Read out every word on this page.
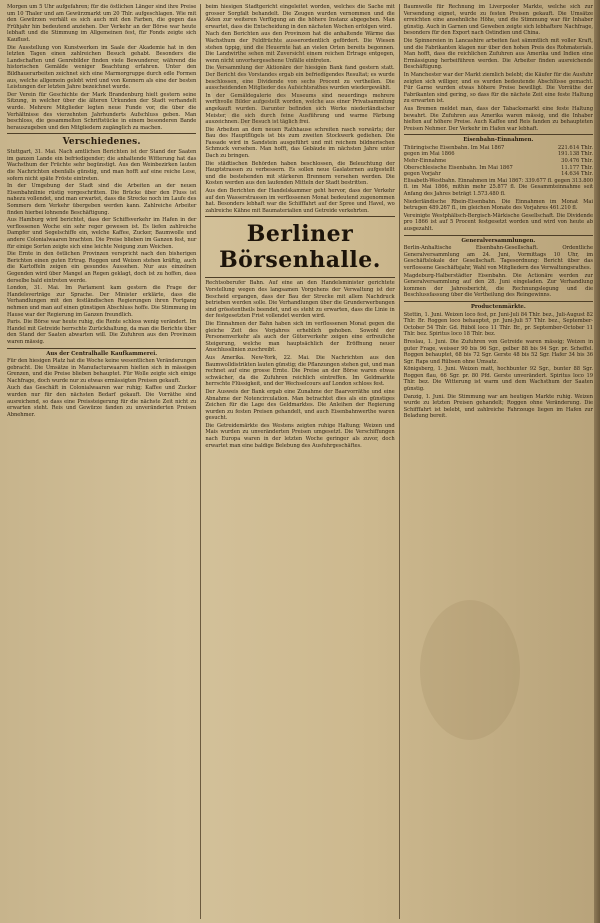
Morgen um 5 Uhr aufgefahren; für die östlichen Länger sind ihre Preise um 10 Thaler und am Gewürzmarkt um 20 Thlr. aufgeschlagen. Wie mit den Gewürzen verhält es sich auch mit den Farben, die gegen das Frühjahr hin bedeutend anziehen. Der Verkehr an der Börse war heute lebhaft und die Stimmung im Allgemeinen fest, für Fonds zeigte sich Kauflust.

Die Ausstellung von Kunstwerken im Saale der Akademie hat in den letzten Tagen einen zahlreichen Besuch gehabt. Besonders die Landschaften und Genrebilder finden viele Bewunderer, während die historischen Gemälde weniger Beachtung erfahren. Unter den Bildhauerarbeiten zeichnet sich eine Marmorgruppe durch edle Formen aus, welche allgemein gelobt wird und von Kennern als eine der besten Leistungen der letzten Jahre bezeichnet wurde.

Der Verein für Geschichte der Mark Brandenburg hielt gestern seine Sitzung, in welcher über die älteren Urkunden der Stadt verhandelt wurde. Mehrere Mitglieder legten neue Funde vor, die über die Verhältnisse des vierzehnten Jahrhunderts Aufschluss geben. Man beschloss, die gesammelten Schriftstücke in einem besonderen Bande herauszugeben und den Mitgliedern zugänglich zu machen.

Verschiedenes.

Stuttgart, 31. Mai. Nach amtlichen Berichten ist der Stand der Saaten im ganzen Lande ein befriedigender; die anhaltende Witterung hat das Wachsthum der Früchte sehr begünstigt. Aus den Weinbezirken lauten die Nachrichten ebenfalls günstig, und man hofft auf eine reiche Lese, sofern nicht späte Fröste eintreten.

In der Umgebung der Stadt sind die Arbeiten an der neuen Eisenbahnlinie rüstig vorgeschritten. Die Brücke über den Fluss ist nahezu vollendet, und man erwartet, dass die Strecke noch im Laufe des Sommers dem Verkehr übergeben werden kann. Zahlreiche Arbeiter finden hierbei lohnende Beschäftigung.

Aus Hamburg wird berichtet, dass der Schiffsverkehr im Hafen in der verflossenen Woche ein sehr reger gewesen ist. Es liefen zahlreiche Dampfer und Segelschiffe ein, welche Kaffee, Zucker, Baumwolle und andere Colonialwaaren brachten. Die Preise blieben im Ganzen fest, nur für einige Sorten zeigte sich eine leichte Neigung zum Weichen.

Die Ernte in den östlichen Provinzen verspricht nach den bisherigen Berichten einen guten Ertrag. Roggen und Weizen stehen kräftig, auch die Kartoffeln zeigen ein gesundes Aussehen. Nur aus einzelnen Gegenden wird über Mangel an Regen geklagt, doch ist zu hoffen, dass derselbe bald eintreten werde.

London, 31. Mai. Im Parlament kam gestern die Frage der Handelsverträge zur Sprache. Der Minister erklärte, dass die Verhandlungen mit den festländischen Regierungen ihren Fortgang nehmen und man auf einen günstigen Abschluss hoffe. Die Stimmung im Hause war der Regierung im Ganzen freundlich.

Paris. Die Börse war heute ruhig, die Rente schloss wenig verändert. Im Handel mit Getreide herrschte Zurückhaltung, da man die Berichte über den Stand der Saaten abwarten will. Die Zufuhren aus den Provinzen waren mässig.

Aus der Centralhalle Kaufkammerei.

Für den hiesigen Platz hat die Woche keine wesentlichen Veränderungen gebracht. Die Umsätze in Manufacturwaaren hielten sich in mässigen Grenzen, und die Preise blieben behauptet. Für Wolle zeigte sich einige Nachfrage, doch wurde nur zu etwas ermässigten Preisen gekauft.

Auch das Geschäft in Colonialwaaren war ruhig; Kaffee und Zucker wurden nur für den nächsten Bedarf gekauft. Die Vorräthe sind ausreichend, so dass eine Preissteigerung für die nächste Zeit nicht zu erwarten steht. Reis und Gewürze fanden zu unveränderten Preisen Abnehmer.

beim hiesigen Stadtgericht eingeleitet worden, welches die Sache mit grosser Sorgfalt behandelt. Die Zeugen wurden vernommen und die Akten zur weiteren Verfügung an die höhere Instanz abgegeben. Man erwartet, dass die Entscheidung in den nächsten Wochen erfolgen wird.

Nach den Berichten aus den Provinzen hat die anhaltende Wärme das Wachsthum der Feldfrüchte ausserordentlich gefördert. Die Wiesen stehen üppig, und die Heuernte hat an vielen Orten bereits begonnen. Die Landwirthe sehen mit Zuversicht einem reichen Ertrage entgegen, wenn nicht unvorhergesehene Unfälle eintreten.

Die Versammlung der Aktionäre der hiesigen Bank fand gestern statt. Der Bericht des Vorstandes ergab ein befriedigendes Resultat; es wurde beschlossen, eine Dividende von sechs Procent zu vertheilen. Die ausscheidenden Mitglieder des Aufsichtsrathes wurden wiedergewählt.

In der Gemäldegalerie des Museums sind neuerdings mehrere werthvolle Bilder aufgestellt worden, welche aus einer Privatsammlung angekauft wurden. Darunter befinden sich Werke niederländischer Meister, die sich durch feine Ausführung und warme Färbung auszeichnen. Der Besuch ist täglich frei.

Die Arbeiten an dem neuen Rathhause schreiten rasch vorwärts; der Bau des Hauptflügels ist bis zum zweiten Stockwerk gediehen. Die Fassade wird in Sandstein ausgeführt und mit reichem bildnerischen Schmuck versehen. Man hofft, das Gebäude im nächsten Jahre unter Dach zu bringen.

Die städtischen Behörden haben beschlossen, die Beleuchtung der Hauptstrassen zu verbessern. Es sollen neue Gaslaternen aufgestellt und die bestehenden mit stärkeren Brennern versehen werden. Die Kosten werden aus den laufenden Mitteln der Stadt bestritten.

Aus den Berichten der Handelskammer geht hervor, dass der Verkehr auf den Wasserstrassen im verflossenen Monat bedeutend zugenommen hat. Besonders lebhaft war die Schifffahrt auf der Spree und Havel, wo zahlreiche Kähne mit Baumaterialien und Getreide verkehrten.

Berliner Börsenhalle.

Rechtsoberufer Bahn. Auf eine an den Handelsminister gerichtete Vorstellung wegen des langsamen Vorgehens der Verwaltung ist der Bescheid ergangen, dass der Bau der Strecke mit allem Nachdruck betrieben werden solle. Die Verhandlungen über die Grunderwerbungen sind grösstentheils beendet, und es steht zu erwarten, dass die Linie in der festgesetzten Frist vollendet werden wird.

Die Einnahmen der Bahn haben sich im verflossenen Monat gegen die gleiche Zeit des Vorjahres erheblich gehoben. Sowohl der Personenverkehr als auch der Güterverkehr zeigen eine erfreuliche Steigerung, welche man hauptsächlich der Eröffnung neuer Anschlusslinien zuschreibt.

Aus Amerika. New-York, 22. Mai. Die Nachrichten aus den Baumwolldistrikten lauten günstig; die Pflanzungen stehen gut, und man rechnet auf eine grosse Ernte. Die Preise an der Börse waren etwas schwächer, da die Zufuhren reichlich eintreffen. Im Geldmarkte herrschte Flüssigkeit, und der Wechselcours auf London schloss fest.

Der Ausweis der Bank ergab eine Zunahme der Baarvorräthe und eine Abnahme der Notencirculation. Man betrachtet dies als ein günstiges Zeichen für die Lage des Geldmarktes. Die Anleihen der Regierung wurden zu festen Preisen gehandelt, und auch Eisenbahnwerthe waren gesucht.

Die Getreidemärkte des Westens zeigten ruhige Haltung; Weizen und Mais wurden zu unveränderten Preisen umgesetzt. Die Verschiffungen nach Europa waren in der letzten Woche geringer als zuvor, doch erwartet man eine baldige Belebung des Ausfuhrgeschäftes.

Baumwolle für Rechnung im Liverpooler Markte, welche sich zur Versendung eignet, wurde zu festen Preisen gekauft. Die Umsätze erreichten eine ansehnliche Höhe, und die Stimmung war für Inhaber günstig. Auch in Garnen und Geweben zeigte sich lebhaftere Nachfrage, besonders für den Export nach Ostindien und China.

Die Spinnereien in Lancashire arbeiten fast sämmtlich mit voller Kraft, und die Fabrikanten klagen nur über den hohen Preis des Rohmaterials. Man hofft, dass die reichlichen Zufuhren aus Amerika und Indien eine Ermässigung herbeiführen werden. Die Arbeiter finden ausreichende Beschäftigung.

In Manchester war der Markt ziemlich belebt; die Käufer für die Ausfuhr zeigten sich williger, und es wurden bedeutende Abschlüsse gemacht. Für Garne wurden etwas höhere Preise bewilligt. Die Vorräthe der Fabrikanten sind gering, so dass für die nächste Zeit eine feste Haltung zu erwarten ist.

Aus Bremen meldet man, dass der Tabacksmarkt eine feste Haltung bewahrt. Die Zufuhren aus Amerika waren mässig, und die Inhaber hielten auf höhere Preise. Auch Kaffee und Reis fanden zu behaupteten Preisen Nehmer. Der Verkehr im Hafen war lebhaft.

Eisenbahn-Einnahmen.
Thüringische Eisenbahn. Im Mai 1867	221.614 Thlr.
gegen im Mai 1866	191.138 Thlr.
Mehr-Einnahme	30.476 Thlr.
Oberschlesische Eisenbahn. Im Mai 1867	11.177 Thlr.
gegen Vorjahr	14.634 Thlr.

Elisabeth-Westbahn. Einnahmen im Mai 1867: 339.677 fl. gegen 313.800 fl. im Mai 1866, mithin mehr 25.877 fl. Die Gesammteinnahme seit Anfang des Jahres beträgt 1.573.480 fl.

Niederländische Rhein-Eisenbahn. Die Einnahmen im Monat Mai betrugen 489.267 fl., im gleichen Monate des Vorjahres 461.210 fl.

Vereinigte Westphälisch-Bergisch-Märkische Gesellschaft. Die Dividende pro 1866 ist auf 5 Procent festgesetzt worden und wird von heute ab ausgezahlt.

Generalversammlungen.

Berlin-Anhaltische Eisenbahn-Gesellschaft. Ordentliche Generalversammlung am 24. Juni, Vormittags 10 Uhr, im Geschäftslokale der Gesellschaft. Tagesordnung: Bericht über das verflossene Geschäftsjahr, Wahl von Mitgliedern des Verwaltungsrathes.

Magdeburg-Halberstädter Eisenbahn. Die Actionäre werden zur Generalversammlung auf den 28. Juni eingeladen. Zur Verhandlung kommen der Jahresbericht, die Rechnungslegung und die Beschlussfassung über die Vertheilung des Reingewinns.

Productenmärkte.

Stettin, 1. Juni. Weizen loco fest, pr. Juni-Juli 84 Thlr. bez., Juli-August 82 Thlr. Br. Roggen loco behauptet, pr. Juni-Juli 57 Thlr. bez., September-October 54 Thlr. Gd. Rüböl loco 11 Thlr. Br., pr. September-October 11 Thlr. bez. Spiritus loco 18 Thlr. bez.

Breslau, 1. Juni. Die Zufuhren von Getreide waren mässig; Weizen in guter Frage, weisser 90 bis 96 Sgr., gelber 88 bis 94 Sgr. pr. Scheffel. Roggen behauptet, 68 bis 72 Sgr. Gerste 48 bis 52 Sgr. Hafer 34 bis 36 Sgr. Raps und Rübsen ohne Umsatz.

Königsberg, 1. Juni. Weizen matt, hochbunter 92 Sgr., bunter 88 Sgr. Roggen flau, 66 Sgr. pr. 80 Pfd. Gerste unverändert. Spiritus loco 19 Thlr. bez. Die Witterung ist warm und dem Wachsthum der Saaten günstig.

Danzig, 1. Juni. Die Stimmung war am heutigen Markte ruhig. Weizen wurde zu letzten Preisen gehandelt; Roggen ohne Veränderung. Die Schifffahrt ist belebt, und zahlreiche Fahrzeuge liegen im Hafen zur Beladung bereit.
